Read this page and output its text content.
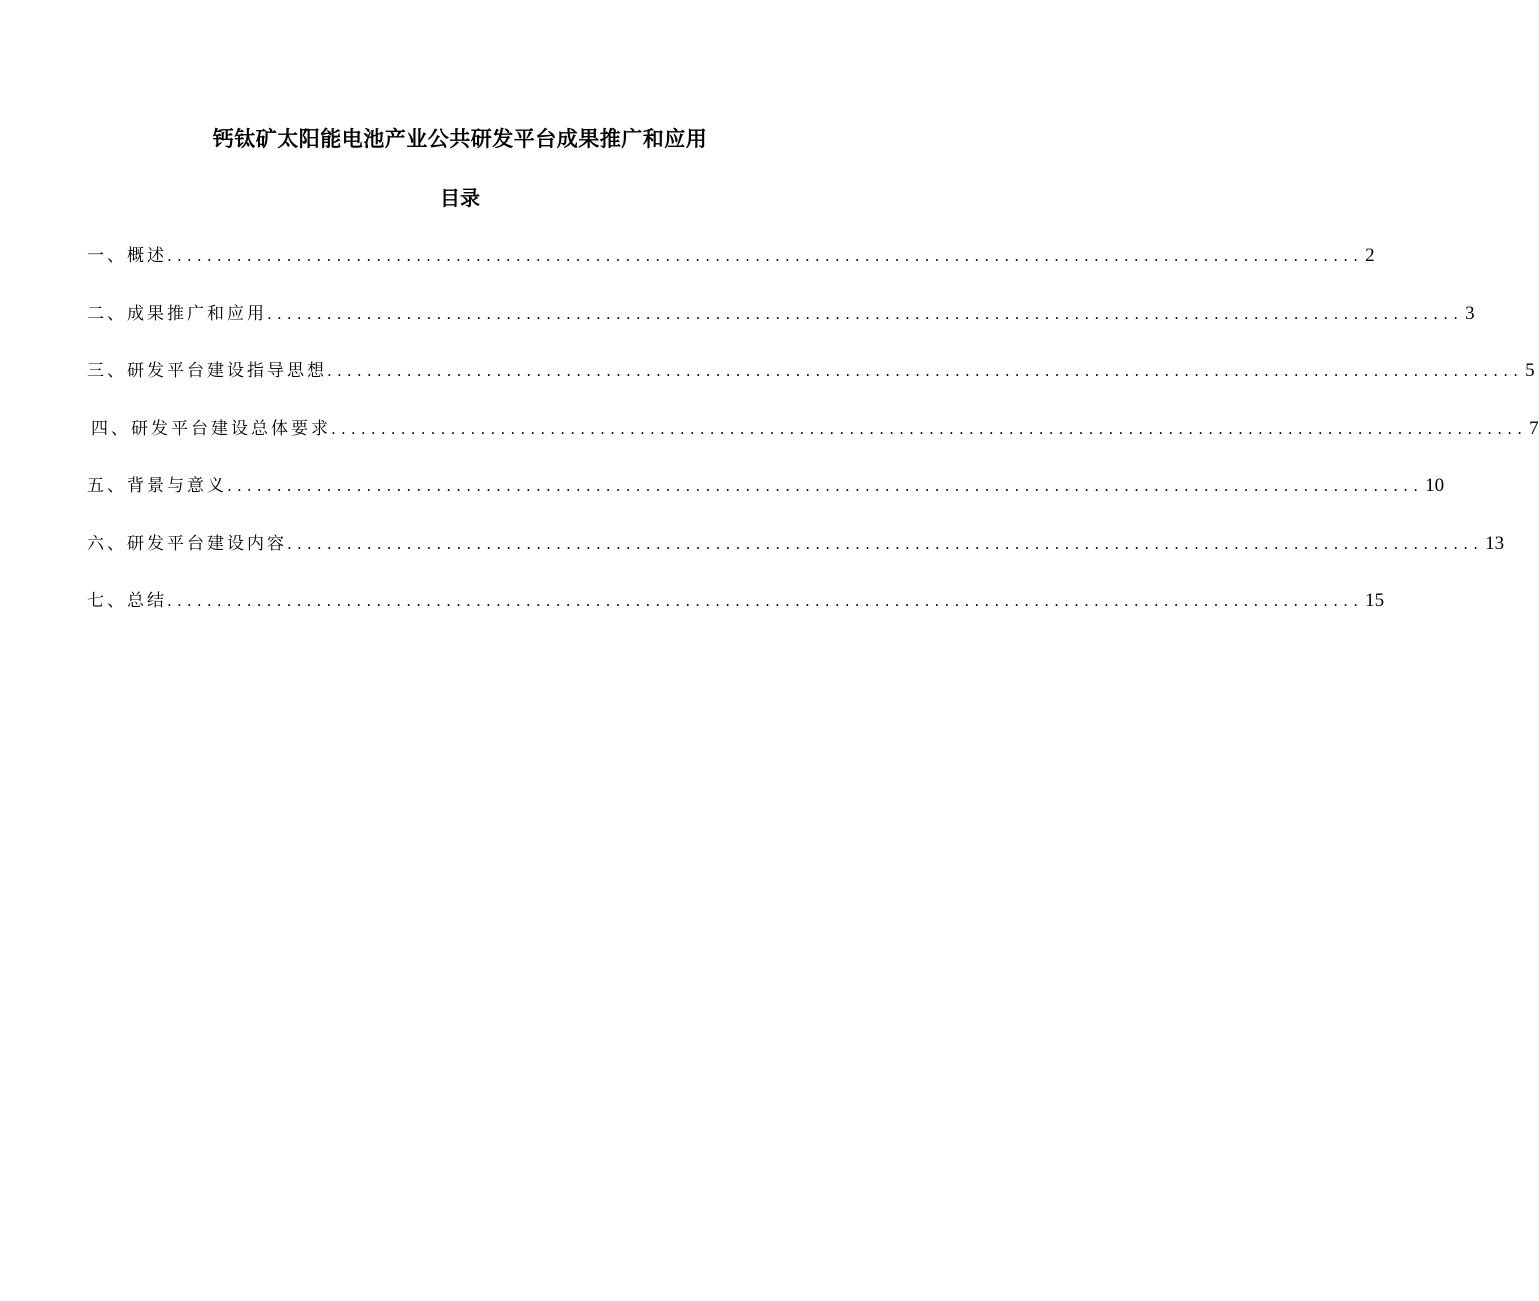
钙钛矿太阳能电池产业公共研发平台成果推广和应用
目录
一、概述 ........................................................................................................................ 2
二、成果推广和应用 ........................................................................................................................ 3
三、研发平台建设指导思想 ........................................................................................................................ 5
四、研发平台建设总体要求 ........................................................................................................................ 7
五、背景与意义 ........................................................................................................................ 10
六、研发平台建设内容 ........................................................................................................................ 13
七、总结 ........................................................................................................................ 15
